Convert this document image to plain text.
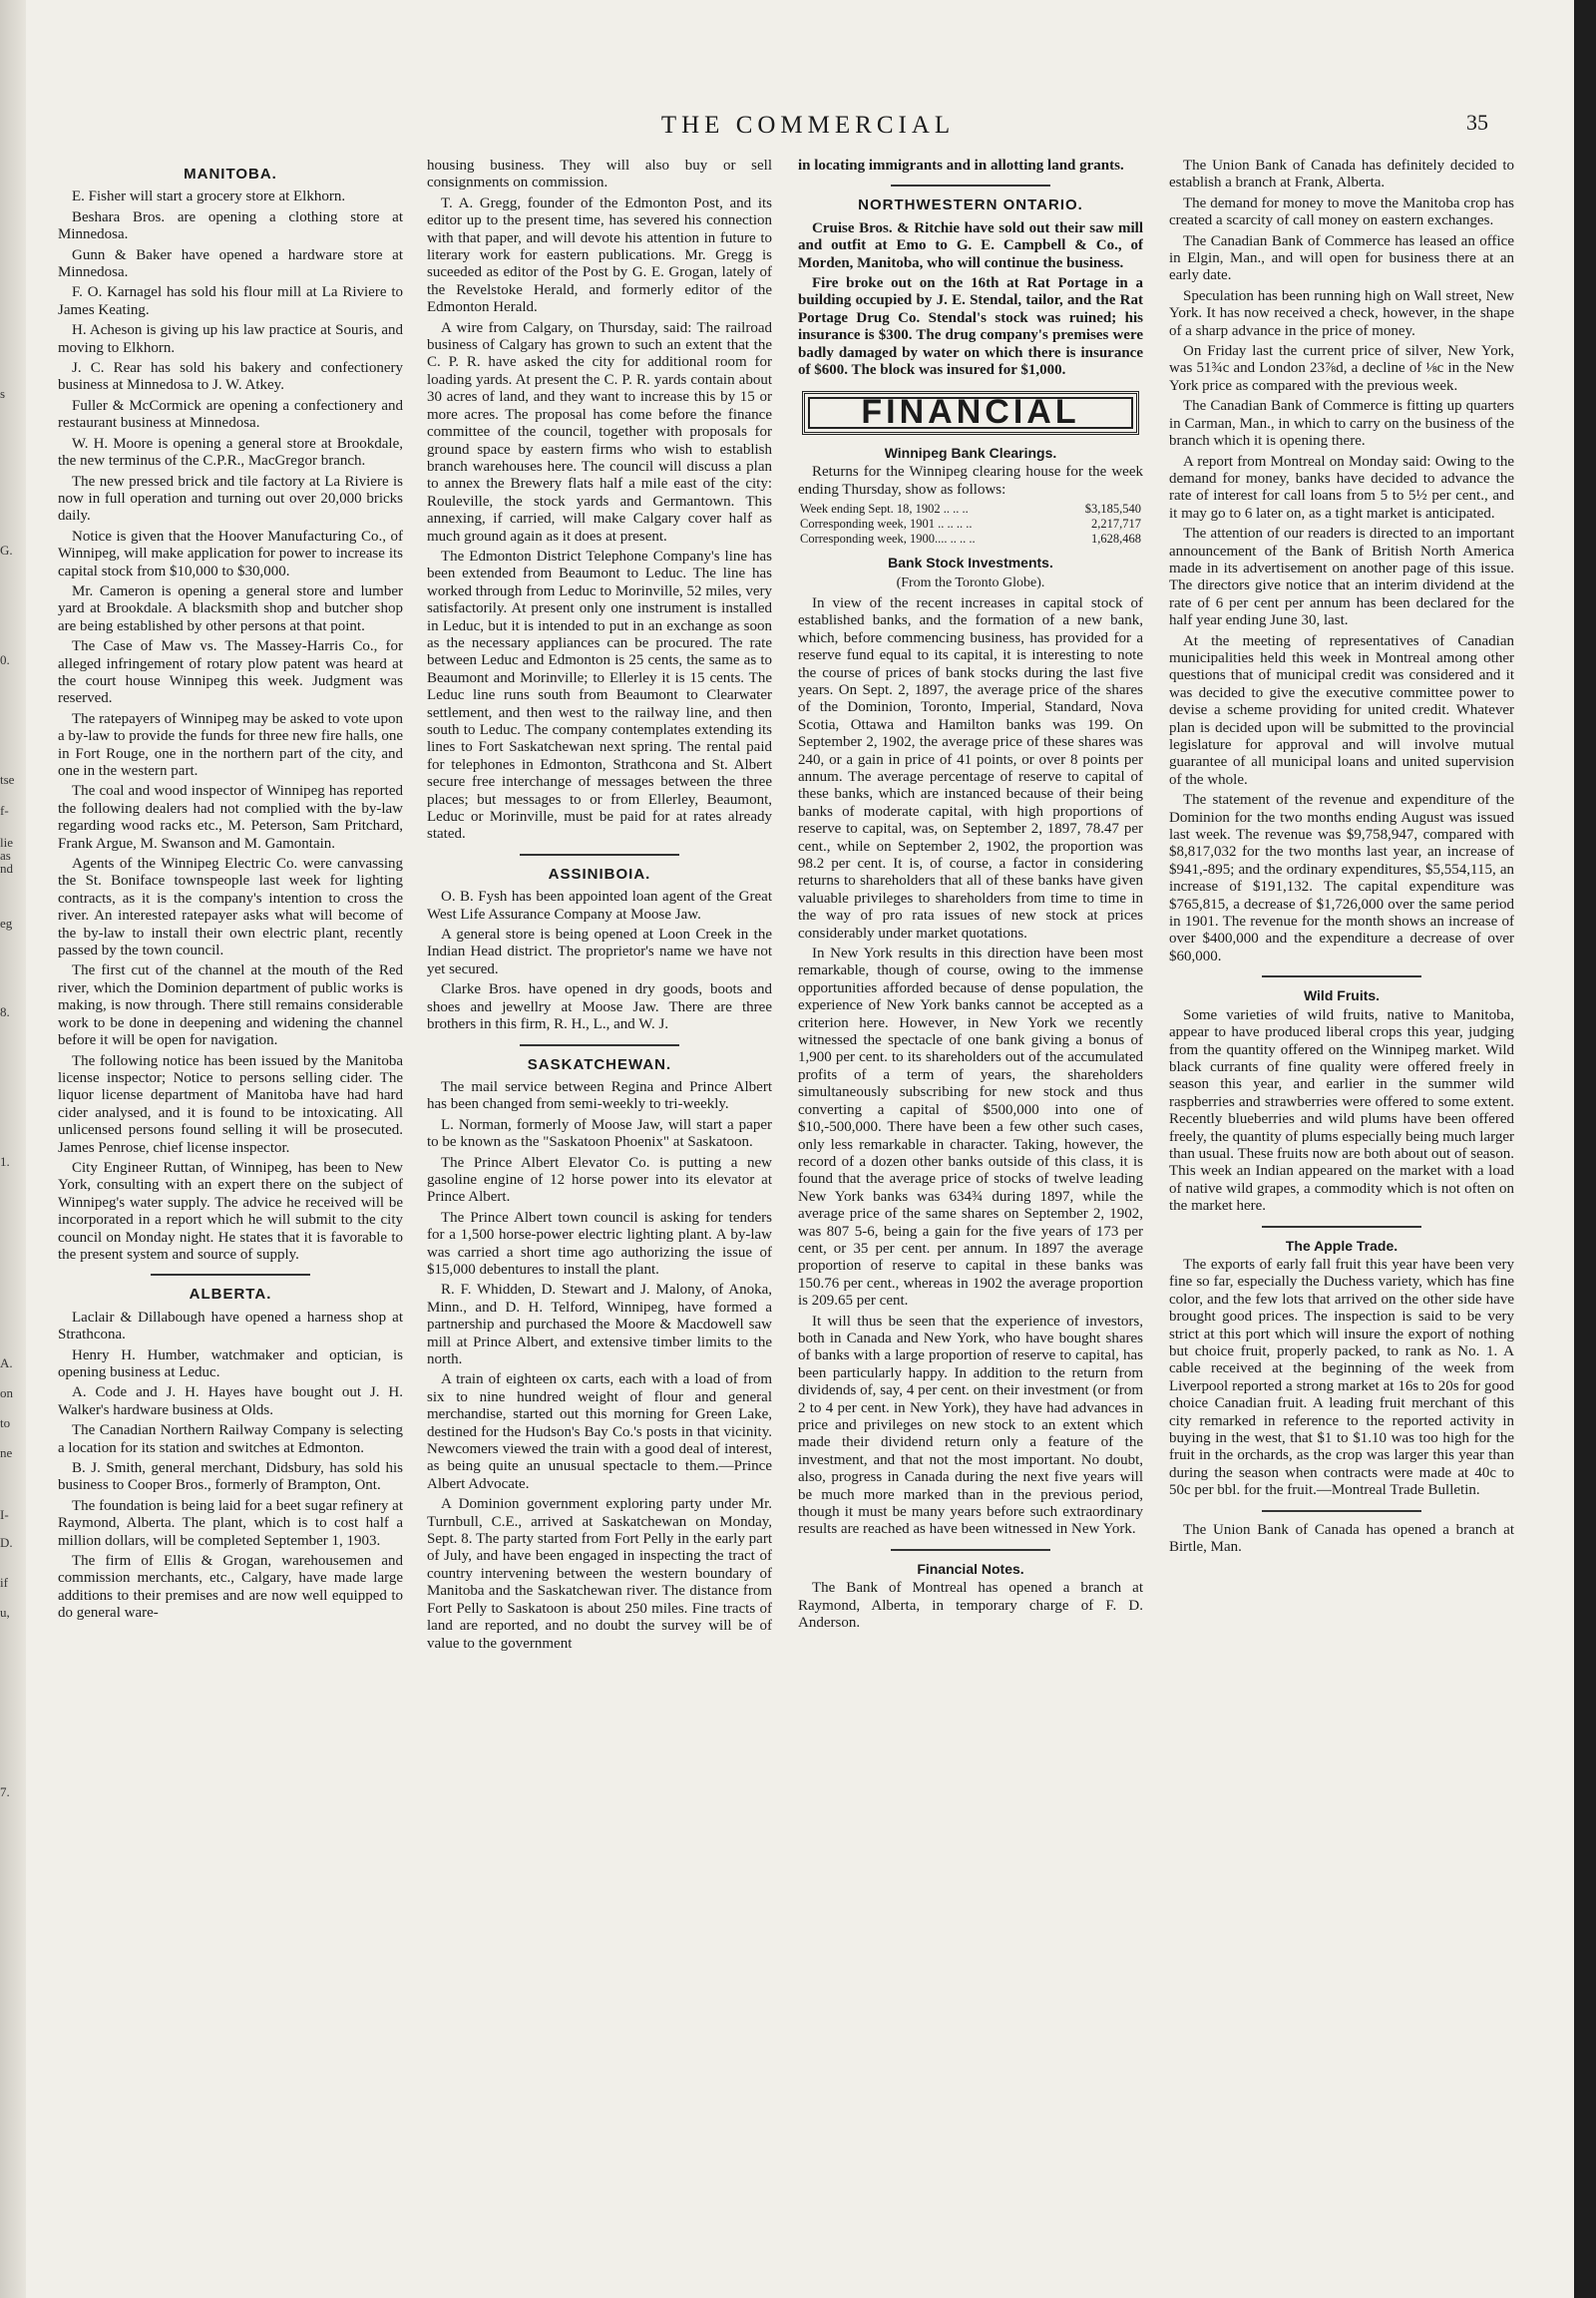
s
G.
0.
tse
f-
lie
as
nd
eg
8.
1.
A.
on
to
ne
I-
D.
if
u,
7.
THE COMMERCIAL	35
MANITOBA.

E. Fisher will start a grocery store at Elkhorn.

Beshara Bros. are opening a clothing store at Minnedosa.

Gunn & Baker have opened a hardware store at Minnedosa.

F. O. Karnagel has sold his flour mill at La Riviere to James Keating.

H. Acheson is giving up his law practice at Souris, and moving to Elkhorn.

J. C. Rear has sold his bakery and confectionery business at Minnedosa to J. W. Atkey.

Fuller & McCormick are opening a confectionery and restaurant business at Minnedosa.

W. H. Moore is opening a general store at Brookdale, the new terminus of the C.P.R., MacGregor branch.

The new pressed brick and tile factory at La Riviere is now in full operation and turning out over 20,000 bricks daily.

Notice is given that the Hoover Manufacturing Co., of Winnipeg, will make application for power to increase its capital stock from $10,000 to $30,000.

Mr. Cameron is opening a general store and lumber yard at Brookdale. A blacksmith shop and butcher shop are being established by other persons at that point.

The Case of Maw vs. The Massey-Harris Co., for alleged infringement of rotary plow patent was heard at the court house Winnipeg this week. Judgment was reserved.

The ratepayers of Winnipeg may be asked to vote upon a by-law to provide the funds for three new fire halls, one in Fort Rouge, one in the northern part of the city, and one in the western part.

The coal and wood inspector of Winnipeg has reported the following dealers had not complied with the by-law regarding wood racks etc., M. Peterson, Sam Pritchard, Frank Argue, M. Swanson and M. Gamontain.

Agents of the Winnipeg Electric Co. were canvassing the St. Boniface townspeople last week for lighting contracts, as it is the company's intention to cross the river. An interested ratepayer asks what will become of the by-law to install their own electric plant, recently passed by the town council.

The first cut of the channel at the mouth of the Red river, which the Dominion department of public works is making, is now through. There still remains considerable work to be done in deepening and widening the channel before it will be open for navigation.

The following notice has been issued by the Manitoba license inspector; Notice to persons selling cider. The liquor license department of Manitoba have had hard cider analysed, and it is found to be intoxicating. All unlicensed persons found selling it will be prosecuted. James Penrose, chief license inspector.

City Engineer Ruttan, of Winnipeg, has been to New York, consulting with an expert there on the subject of Winnipeg's water supply. The advice he received will be incorporated in a report which he will submit to the city council on Monday night. He states that it is favorable to the present system and source of supply.

ALBERTA.

Laclair & Dillabough have opened a harness shop at Strathcona.

Henry H. Humber, watchmaker and optician, is opening business at Leduc.

A. Code and J. H. Hayes have bought out J. H. Walker's hardware business at Olds.

The Canadian Northern Railway Company is selecting a location for its station and switches at Edmonton.

B. J. Smith, general merchant, Didsbury, has sold his business to Cooper Bros., formerly of Brampton, Ont.

The foundation is being laid for a beet sugar refinery at Raymond, Alberta. The plant, which is to cost half a million dollars, will be completed September 1, 1903.

The firm of Ellis & Grogan, warehousemen and commission merchants, etc., Calgary, have made large additions to their premises and are now well equipped to do general ware-

housing business. They will also buy or sell consignments on commission.

T. A. Gregg, founder of the Edmonton Post, and its editor up to the present time, has severed his connection with that paper, and will devote his attention in future to literary work for eastern publications. Mr. Gregg is suceeded as editor of the Post by G. E. Grogan, lately of the Revelstoke Herald, and formerly editor of the Edmonton Herald.

A wire from Calgary, on Thursday, said: The railroad business of Calgary has grown to such an extent that the C. P. R. have asked the city for additional room for loading yards. At present the C. P. R. yards contain about 30 acres of land, and they want to increase this by 15 or more acres. The proposal has come before the finance committee of the council, together with proposals for ground space by eastern firms who wish to establish branch warehouses here. The council will discuss a plan to annex the Brewery flats half a mile east of the city: Rouleville, the stock yards and Germantown. This annexing, if carried, will make Calgary cover half as much ground again as it does at present.

The Edmonton District Telephone Company's line has been extended from Beaumont to Leduc. The line has worked through from Leduc to Morinville, 52 miles, very satisfactorily. At present only one instrument is installed in Leduc, but it is intended to put in an exchange as soon as the necessary appliances can be procured. The rate between Leduc and Edmonton is 25 cents, the same as to Beaumont and Morinville; to Ellerley it is 15 cents. The Leduc line runs south from Beaumont to Clearwater settlement, and then west to the railway line, and then south to Leduc. The company contemplates extending its lines to Fort Saskatchewan next spring. The rental paid for telephones in Edmonton, Strathcona and St. Albert secure free interchange of messages between the three places; but messages to or from Ellerley, Beaumont, Leduc or Morinville, must be paid for at rates already stated.

ASSINIBOIA.

O. B. Fysh has been appointed loan agent of the Great West Life Assurance Company at Moose Jaw.

A general store is being opened at Loon Creek in the Indian Head district. The proprietor's name we have not yet secured.

Clarke Bros. have opened in dry goods, boots and shoes and jewellry at Moose Jaw. There are three brothers in this firm, R. H., L., and W. J.

SASKATCHEWAN.

The mail service between Regina and Prince Albert has been changed from semi-weekly to tri-weekly.

L. Norman, formerly of Moose Jaw, will start a paper to be known as the "Saskatoon Phoenix" at Saskatoon.

The Prince Albert Elevator Co. is putting a new gasoline engine of 12 horse power into its elevator at Prince Albert.

The Prince Albert town council is asking for tenders for a 1,500 horse-power electric lighting plant. A by-law was carried a short time ago authorizing the issue of $15,000 debentures to install the plant.

R. F. Whidden, D. Stewart and J. Malony, of Anoka, Minn., and D. H. Telford, Winnipeg, have formed a partnership and purchased the Moore & Macdowell saw mill at Prince Albert, and extensive timber limits to the north.

A train of eighteen ox carts, each with a load of from six to nine hundred weight of flour and general merchandise, started out this morning for Green Lake, destined for the Hudson's Bay Co.'s posts in that vicinity. Newcomers viewed the train with a good deal of interest, as being quite an unusual spectacle to them.—Prince Albert Advocate.

A Dominion government exploring party under Mr. Turnbull, C.E., arrived at Saskatchewan on Monday, Sept. 8. The party started from Fort Pelly in the early part of July, and have been engaged in inspecting the tract of country intervening between the western boundary of Manitoba and the Saskatchewan river. The distance from Fort Pelly to Saskatoon is about 250 miles. Fine tracts of land are reported, and no doubt the survey will be of value to the government

in locating immigrants and in allotting land grants.

NORTHWESTERN ONTARIO.

Cruise Bros. & Ritchie have sold out their saw mill and outfit at Emo to G. E. Campbell & Co., of Morden, Manitoba, who will continue the business.

Fire broke out on the 16th at Rat Portage in a building occupied by J. E. Stendal, tailor, and the Rat Portage Drug Co. Stendal's stock was ruined; his insurance is $300. The drug company's premises were badly damaged by water on which there is insurance of $600. The block was insured for $1,000.

FINANCIAL
Winnipeg Bank Clearings.

Returns for the Winnipeg clearing house for the week ending Thursday, show as follows:

Week ending Sept. 18, 1902 .. .. ..	$3,185,540
Corresponding week, 1901 .. .. .. ..	2,217,717
Corresponding week, 1900.... .. .. ..	1,628,468
Bank Stock Investments.
(From the Toronto Globe).

In view of the recent increases in capital stock of established banks, and the formation of a new bank, which, before commencing business, has provided for a reserve fund equal to its capital, it is interesting to note the course of prices of bank stocks during the last five years. On Sept. 2, 1897, the average price of the shares of the Dominion, Toronto, Imperial, Standard, Nova Scotia, Ottawa and Hamilton banks was 199. On September 2, 1902, the average price of these shares was 240, or a gain in price of 41 points, or over 8 points per annum. The average percentage of reserve to capital of these banks, which are instanced because of their being banks of moderate capital, with high proportions of reserve to capital, was, on September 2, 1897, 78.47 per cent., while on September 2, 1902, the proportion was 98.2 per cent. It is, of course, a factor in considering returns to shareholders that all of these banks have given valuable privileges to shareholders from time to time in the way of pro rata issues of new stock at prices considerably under market quotations.

In New York results in this direction have been most remarkable, though of course, owing to the immense opportunities afforded because of dense population, the experience of New York banks cannot be accepted as a criterion here. However, in New York we recently witnessed the spectacle of one bank giving a bonus of 1,900 per cent. to its shareholders out of the accumulated profits of a term of years, the shareholders simultaneously subscribing for new stock and thus converting a capital of $500,000 into one of $10,-500,000. There have been a few other such cases, only less remarkable in character. Taking, however, the record of a dozen other banks outside of this class, it is found that the average price of stocks of twelve leading New York banks was 634¾ during 1897, while the average price of the same shares on September 2, 1902, was 807 5-6, being a gain for the five years of 173 per cent, or 35 per cent. per annum. In 1897 the average proportion of reserve to capital in these banks was 150.76 per cent., whereas in 1902 the average proportion is 209.65 per cent.

It will thus be seen that the experience of investors, both in Canada and New York, who have bought shares of banks with a large proportion of reserve to capital, has been particularly happy. In addition to the return from dividends of, say, 4 per cent. on their investment (or from 2 to 4 per cent. in New York), they have had advances in price and privileges on new stock to an extent which made their dividend return only a feature of the investment, and that not the most important. No doubt, also, progress in Canada during the next five years will be much more marked than in the previous period, though it must be many years before such extraordinary results are reached as have been witnessed in New York.

Financial Notes.

The Bank of Montreal has opened a branch at Raymond, Alberta, in temporary charge of F. D. Anderson.

The Union Bank of Canada has definitely decided to establish a branch at Frank, Alberta.

The demand for money to move the Manitoba crop has created a scarcity of call money on eastern exchanges.

The Canadian Bank of Commerce has leased an office in Elgin, Man., and will open for business there at an early date.

Speculation has been running high on Wall street, New York. It has now received a check, however, in the shape of a sharp advance in the price of money.

On Friday last the current price of silver, New York, was 51¾c and London 23⅞d, a decline of ⅛c in the New York price as compared with the previous week.

The Canadian Bank of Commerce is fitting up quarters in Carman, Man., in which to carry on the business of the branch which it is opening there.

A report from Montreal on Monday said: Owing to the demand for money, banks have decided to advance the rate of interest for call loans from 5 to 5½ per cent., and it may go to 6 later on, as a tight market is anticipated.

The attention of our readers is directed to an important announcement of the Bank of British North America made in its advertisement on another page of this issue. The directors give notice that an interim dividend at the rate of 6 per cent per annum has been declared for the half year ending June 30, last.

At the meeting of representatives of Canadian municipalities held this week in Montreal among other questions that of municipal credit was considered and it was decided to give the executive committee power to devise a scheme providing for united credit. Whatever plan is decided upon will be submitted to the provincial legislature for approval and will involve mutual guarantee of all municipal loans and united supervision of the whole.

The statement of the revenue and expenditure of the Dominion for the two months ending August was issued last week. The revenue was $9,758,947, compared with $8,817,032 for the two months last year, an increase of $941,-895; and the ordinary expenditures, $5,554,115, an increase of $191,132. The capital expenditure was $765,815, a decrease of $1,726,000 over the same period in 1901. The revenue for the month shows an increase of over $400,000 and the expenditure a decrease of over $60,000.

Wild Fruits.

Some varieties of wild fruits, native to Manitoba, appear to have produced liberal crops this year, judging from the quantity offered on the Winnipeg market. Wild black currants of fine quality were offered freely in season this year, and earlier in the summer wild raspberries and strawberries were offered to some extent. Recently blueberries and wild plums have been offered freely, the quantity of plums especially being much larger than usual. These fruits now are both about out of season. This week an Indian appeared on the market with a load of native wild grapes, a commodity which is not often on the market here.

The Apple Trade.

The exports of early fall fruit this year have been very fine so far, especially the Duchess variety, which has fine color, and the few lots that arrived on the other side have brought good prices. The inspection is said to be very strict at this port which will insure the export of nothing but choice fruit, properly packed, to rank as No. 1. A cable received at the beginning of the week from Liverpool reported a strong market at 16s to 20s for good choice Canadian fruit. A leading fruit merchant of this city remarked in reference to the reported activity in buying in the west, that $1 to $1.10 was too high for the fruit in the orchards, as the crop was larger this year than during the season when contracts were made at 40c to 50c per bbl. for the fruit.—Montreal Trade Bulletin.

The Union Bank of Canada has opened a branch at Birtle, Man.
